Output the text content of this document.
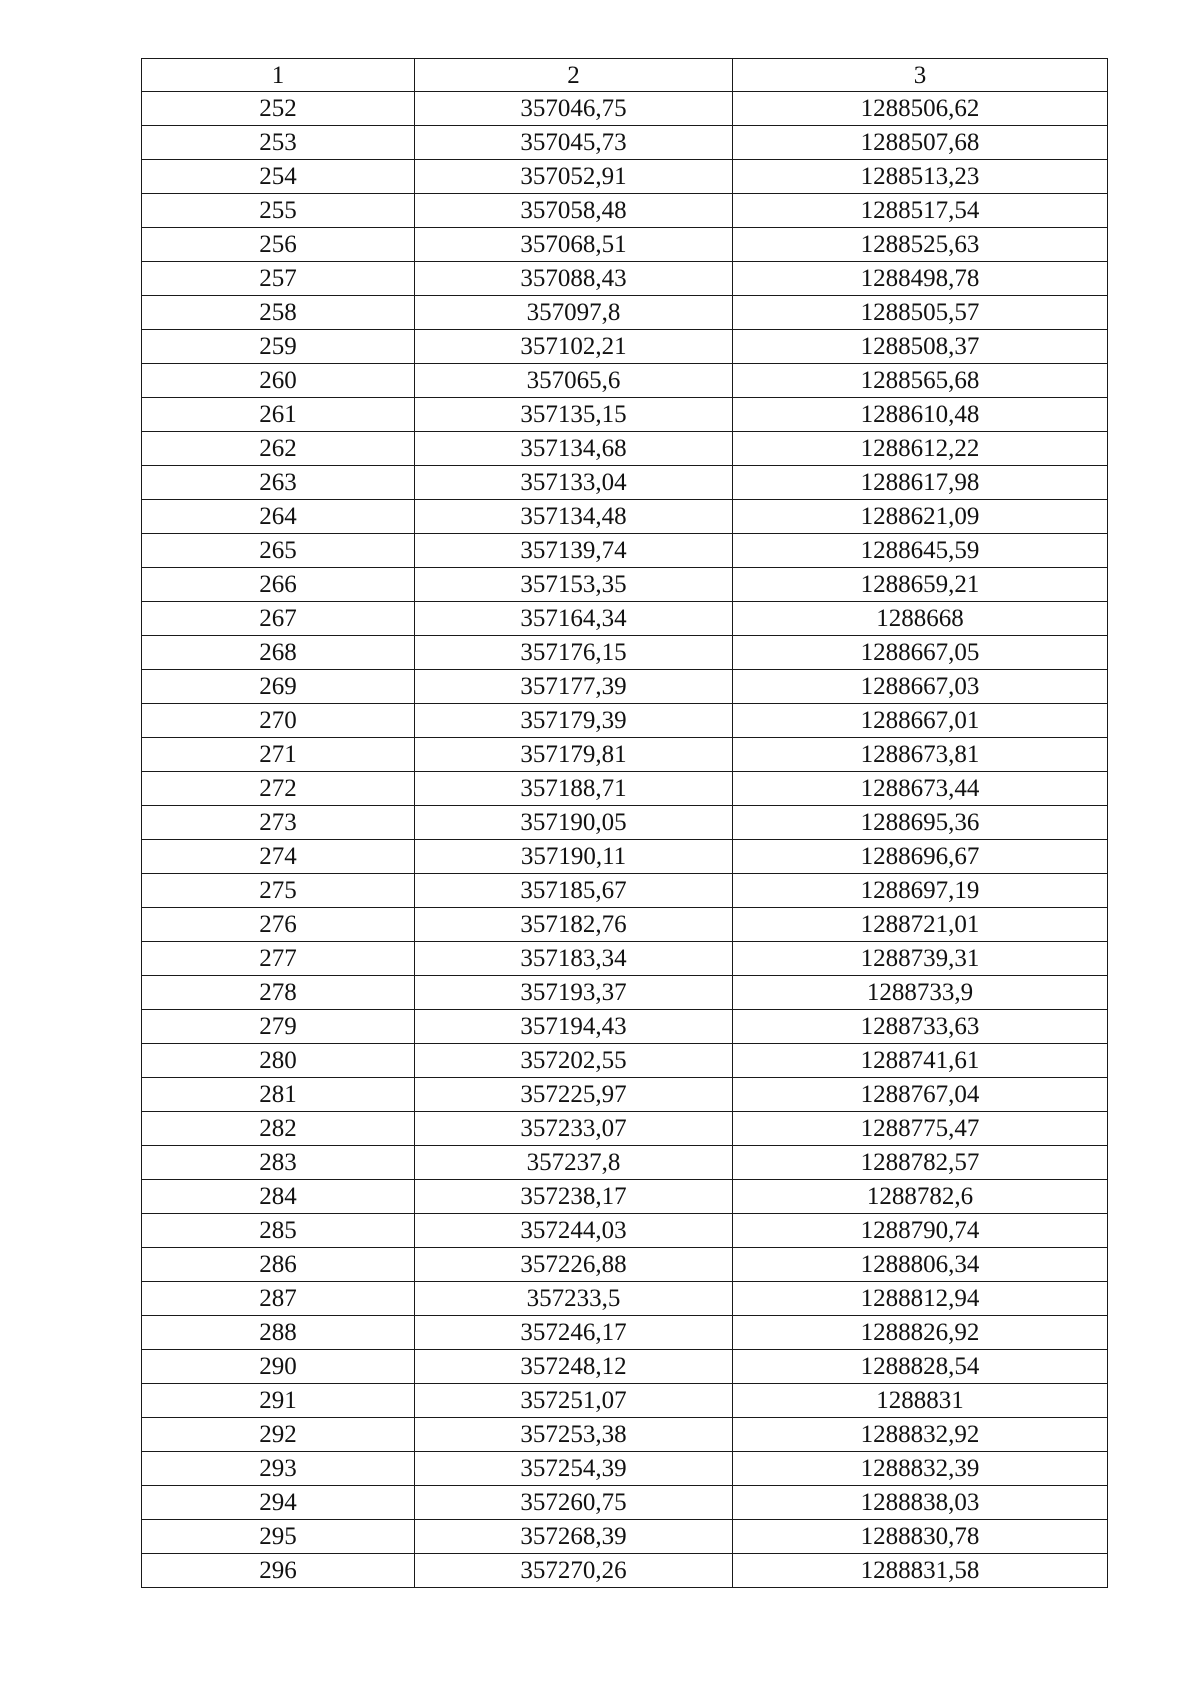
1	2	3
252	357046,75	1288506,62
253	357045,73	1288507,68
254	357052,91	1288513,23
255	357058,48	1288517,54
256	357068,51	1288525,63
257	357088,43	1288498,78
258	357097,8	1288505,57
259	357102,21	1288508,37
260	357065,6	1288565,68
261	357135,15	1288610,48
262	357134,68	1288612,22
263	357133,04	1288617,98
264	357134,48	1288621,09
265	357139,74	1288645,59
266	357153,35	1288659,21
267	357164,34	1288668
268	357176,15	1288667,05
269	357177,39	1288667,03
270	357179,39	1288667,01
271	357179,81	1288673,81
272	357188,71	1288673,44
273	357190,05	1288695,36
274	357190,11	1288696,67
275	357185,67	1288697,19
276	357182,76	1288721,01
277	357183,34	1288739,31
278	357193,37	1288733,9
279	357194,43	1288733,63
280	357202,55	1288741,61
281	357225,97	1288767,04
282	357233,07	1288775,47
283	357237,8	1288782,57
284	357238,17	1288782,6
285	357244,03	1288790,74
286	357226,88	1288806,34
287	357233,5	1288812,94
288	357246,17	1288826,92
290	357248,12	1288828,54
291	357251,07	1288831
292	357253,38	1288832,92
293	357254,39	1288832,39
294	357260,75	1288838,03
295	357268,39	1288830,78
296	357270,26	1288831,58
